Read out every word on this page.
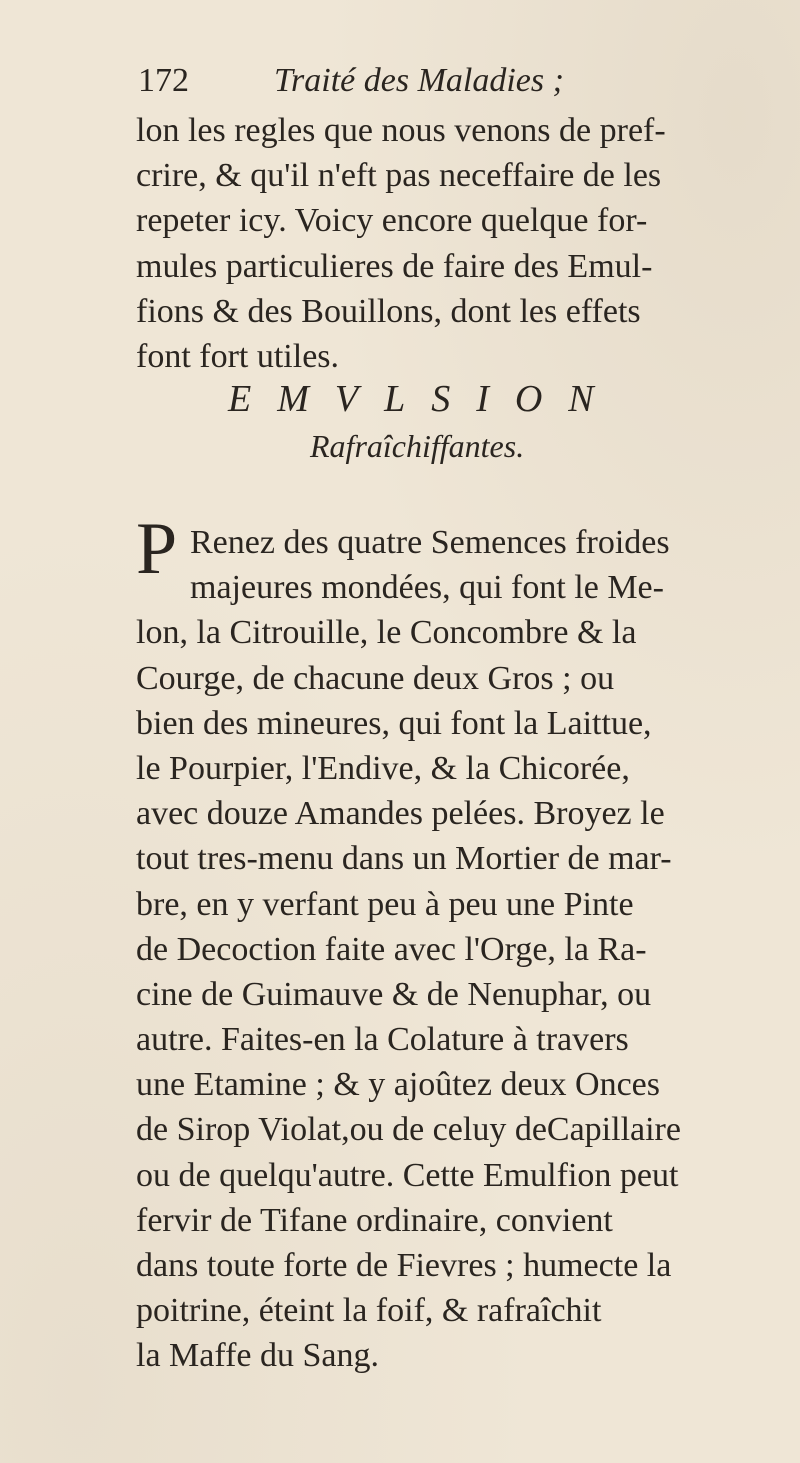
172	Traité des Maladies ;
lon les regles que nous venons de pref-
crire, & qu'il n'eft pas neceffaire de les
repeter icy. Voicy encore quelque for-
mules particulieres de faire des Emul-
fions & des Bouillons, dont les effets
font fort utiles.
EMVLSION
Rafraîchiffantes.
P Renez des quatre Semences froides
majeures mondées, qui font le Me-
lon, la Citrouille, le Concombre & la
Courge, de chacune deux Gros ; ou
bien des mineures, qui font la Laittue,
le Pourpier, l'Endive, & la Chicorée,
avec douze Amandes pelées. Broyez le
tout tres-menu dans un Mortier de mar-
bre, en y verfant peu à peu une Pinte
de Decoction faite avec l'Orge, la Ra-
cine de Guimauve & de Nenuphar, ou
autre. Faites-en la Colature à travers
une Etamine ; & y ajoûtez deux Onces
de Sirop Violat,ou de celuy deCapillaire
ou de quelqu'autre. Cette Emulfion peut
fervir de Tifane ordinaire, convient
dans toute forte de Fievres ; humecte la
poitrine, éteint la foif, & rafraîchit
la Maffe du Sang.
